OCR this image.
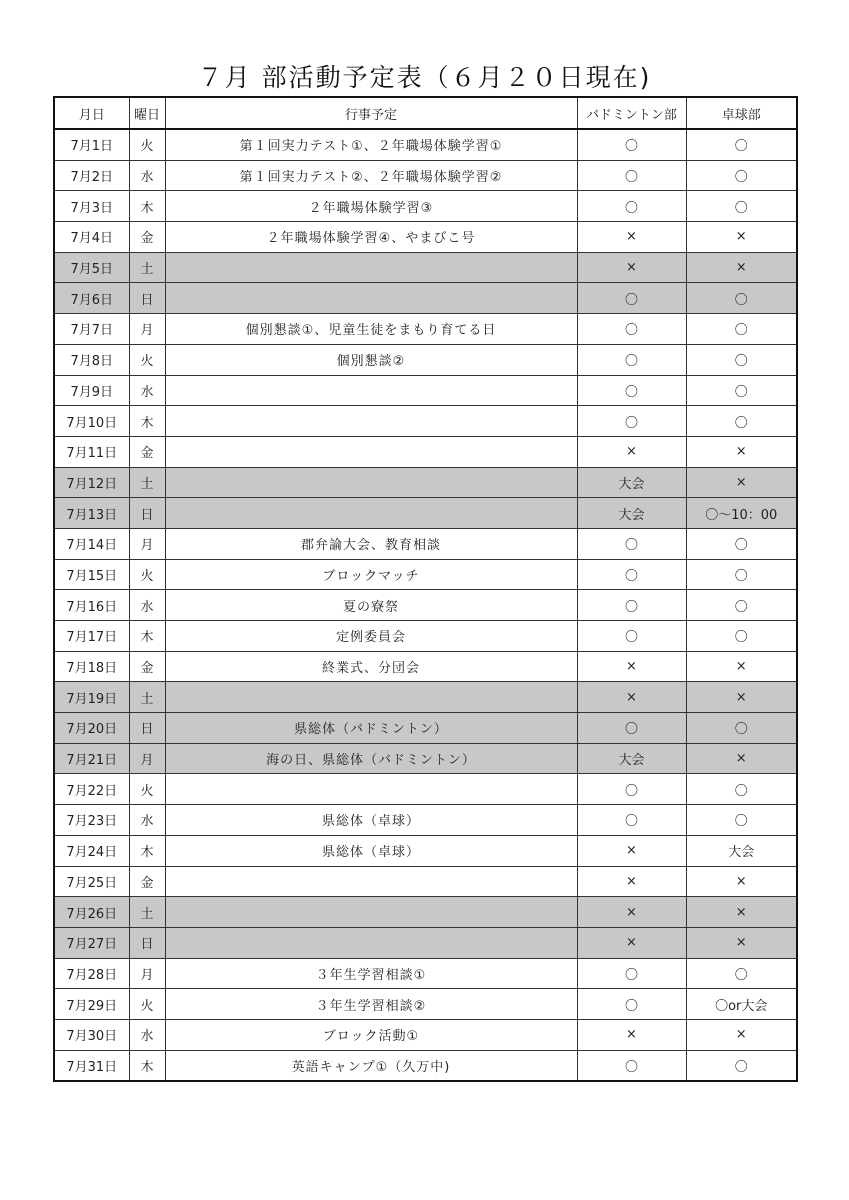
７月 部活動予定表（６月２０日現在)
月日	曜日	行事予定	バドミントン部	卓球部
7月1日	火	第１回実力テスト①、２年職場体験学習①	〇	〇
7月2日	水	第１回実力テスト②、２年職場体験学習②	〇	〇
7月3日	木	２年職場体験学習③	〇	〇
7月4日	金	２年職場体験学習④、やまびこ号	×	×
7月5日	土		×	×
7月6日	日		〇	〇
7月7日	月	個別懇談①、児童生徒をまもり育てる日	〇	〇
7月8日	火	個別懇談②	〇	〇
7月9日	水		〇	〇
7月10日	木		〇	〇
7月11日	金		×	×
7月12日	土		大会	×
7月13日	日		大会	〇～10：00
7月14日	月	郡弁論大会、教育相談	〇	〇
7月15日	火	ブロックマッチ	〇	〇
7月16日	水	夏の寮祭	〇	〇
7月17日	木	定例委員会	〇	〇
7月18日	金	終業式、分団会	×	×
7月19日	土		×	×
7月20日	日	県総体（バドミントン）	〇	〇
7月21日	月	海の日、県総体（バドミントン）	大会	×
7月22日	火		〇	〇
7月23日	水	県総体（卓球）	〇	〇
7月24日	木	県総体（卓球）	×	大会
7月25日	金		×	×
7月26日	土		×	×
7月27日	日		×	×
7月28日	月	３年生学習相談①	〇	〇
7月29日	火	３年生学習相談②	〇	〇or大会
7月30日	水	ブロック活動①	×	×
7月31日	木	英語キャンプ①（久万中)	〇	〇
